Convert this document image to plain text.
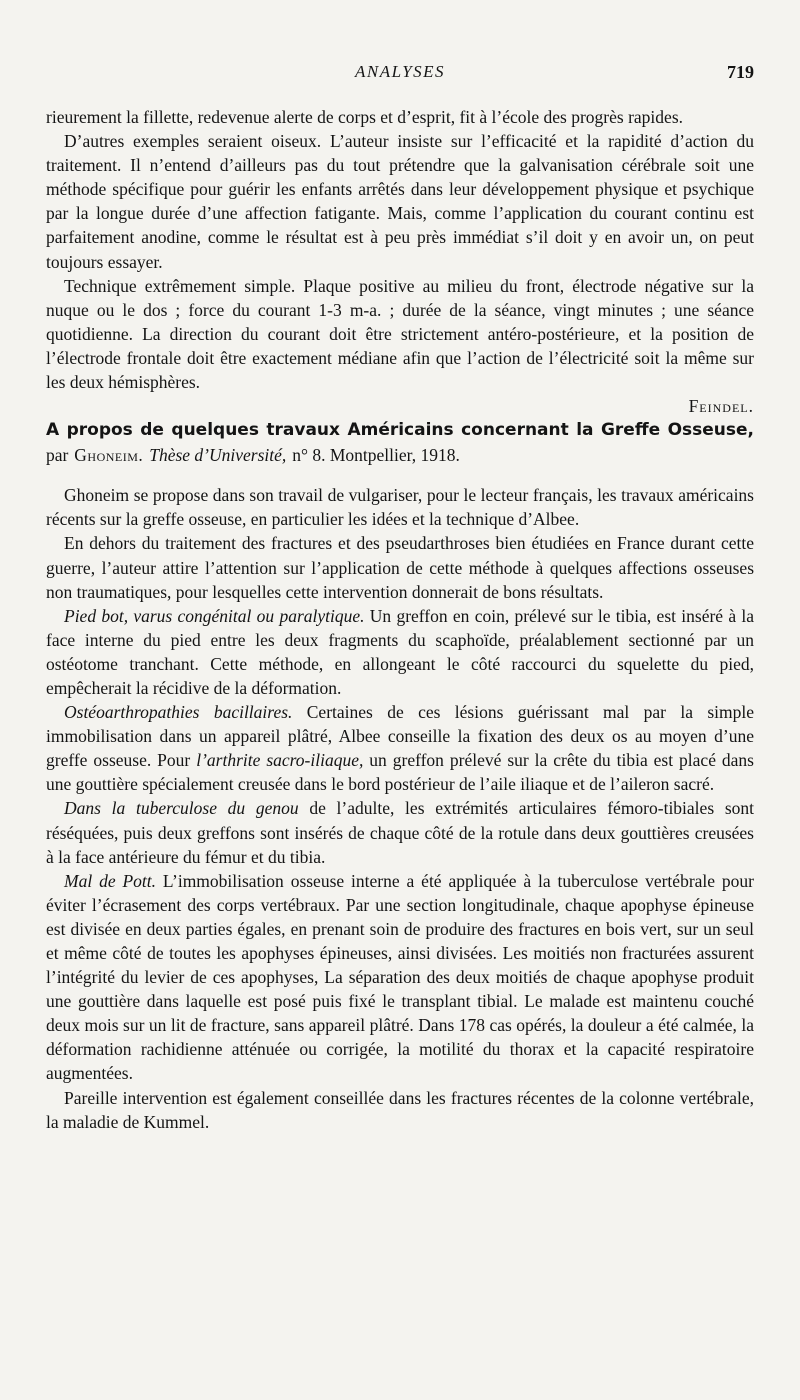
ANALYSES	719

rieurement la fillette, redevenue alerte de corps et d’esprit, fit à l’école des progrès rapides.

D’autres exemples seraient oiseux. L’auteur insiste sur l’efficacité et la rapidité d’action du traitement. Il n’entend d’ailleurs pas du tout prétendre que la galvanisation cérébrale soit une méthode spécifique pour guérir les enfants arrêtés dans leur développement physique et psychique par la longue durée d’une affection fatigante. Mais, comme l’application du courant continu est parfaitement anodine, comme le résultat est à peu près immédiat s’il doit y en avoir un, on peut toujours essayer.

Technique extrêmement simple. Plaque positive au milieu du front, électrode négative sur la nuque ou le dos ; force du courant 1-3 m-a. ; durée de la séance, vingt minutes ; une séance quotidienne. La direction du courant doit être strictement antéro-postérieure, et la position de l’électrode frontale doit être exactement médiane afin que l’action de l’électricité soit la même sur les deux hémisphères.

Feindel.

A propos de quelques travaux Américains concernant la Greffe Osseuse, par Ghoneim. Thèse d’Université, n° 8. Montpellier, 1918.

Ghoneim se propose dans son travail de vulgariser, pour le lecteur français, les travaux américains récents sur la greffe osseuse, en particulier les idées et la technique d’Albee.

En dehors du traitement des fractures et des pseudarthroses bien étudiées en France durant cette guerre, l’auteur attire l’attention sur l’application de cette méthode à quelques affections osseuses non traumatiques, pour lesquelles cette intervention donnerait de bons résultats.

Pied bot, varus congénital ou paralytique. Un greffon en coin, prélevé sur le tibia, est inséré à la face interne du pied entre les deux fragments du scaphoïde, préalablement sectionné par un ostéotome tranchant. Cette méthode, en allongeant le côté raccourci du squelette du pied, empêcherait la récidive de la déformation.

Ostéoarthropathies bacillaires. Certaines de ces lésions guérissant mal par la simple immobilisation dans un appareil plâtré, Albee conseille la fixation des deux os au moyen d’une greffe osseuse. Pour l’arthrite sacro-iliaque, un greffon prélevé sur la crête du tibia est placé dans une gouttière spécialement creusée dans le bord postérieur de l’aile iliaque et de l’aileron sacré.

Dans la tuberculose du genou de l’adulte, les extrémités articulaires fémoro-tibiales sont réséquées, puis deux greffons sont insérés de chaque côté de la rotule dans deux gouttières creusées à la face antérieure du fémur et du tibia.

Mal de Pott. L’immobilisation osseuse interne a été appliquée à la tuberculose vertébrale pour éviter l’écrasement des corps vertébraux. Par une section longitudinale, chaque apophyse épineuse est divisée en deux parties égales, en prenant soin de produire des fractures en bois vert, sur un seul et même côté de toutes les apophyses épineuses, ainsi divisées. Les moitiés non fracturées assurent l’intégrité du levier de ces apophyses, La séparation des deux moitiés de chaque apophyse produit une gouttière dans laquelle est posé puis fixé le transplant tibial. Le malade est maintenu couché deux mois sur un lit de fracture, sans appareil plâtré. Dans 178 cas opérés, la douleur a été calmée, la déformation rachidienne atténuée ou corrigée, la motilité du thorax et la capacité respiratoire augmentées.

Pareille intervention est également conseillée dans les fractures récentes de la colonne vertébrale, la maladie de Kummel.
